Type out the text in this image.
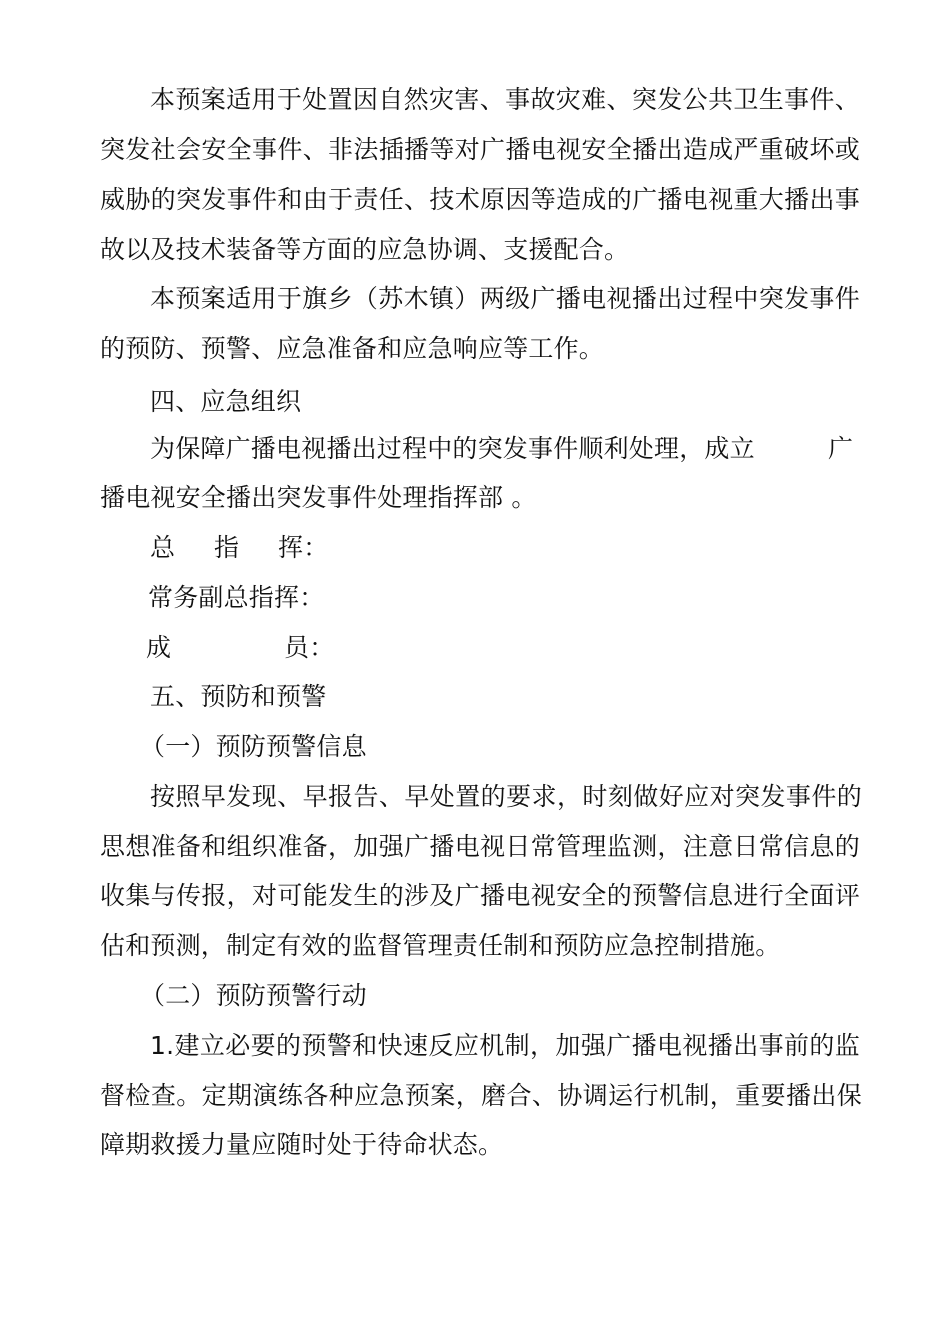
本预案适用于处置因自然灾害、事故灾难、突发公共卫生事件、
突发社会安全事件、非法插播等对广播电视安全播出造成严重破坏或
威胁的突发事件和由于责任、技术原因等造成的广播电视重大播出事
故以及技术装备等方面的应急协调、支援配合。
本预案适用于旗乡（苏木镇）两级广播电视播出过程中突发事件
的预防、预警、应急准备和应急响应等工作。
四、应急组织
为保障广播电视播出过程中的突发事件顺利处理，成立	广
播电视安全播出突发事件处理指挥部 。
总	指	挥：
常务副总指挥：
成	员：
五、预防和预警
（一）预防预警信息
按照早发现、早报告、早处置的要求，时刻做好应对突发事件的
思想准备和组织准备，加强广播电视日常管理监测，注意日常信息的
收集与传报，对可能发生的涉及广播电视安全的预警信息进行全面评
估和预测，制定有效的监督管理责任制和预防应急控制措施。
（二）预防预警行动
1.建立必要的预警和快速反应机制，加强广播电视播出事前的监
督检查。定期演练各种应急预案，磨合、协调运行机制，重要播出保
障期救援力量应随时处于待命状态。
